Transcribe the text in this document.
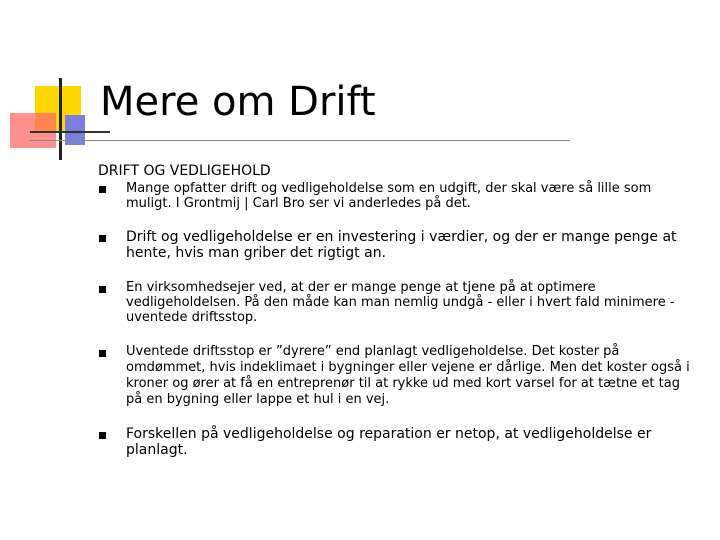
Mere om Drift

DRIFT OG VEDLIGEHOLD

Mange opfatter drift og vedligeholdelse som en udgift, der skal være så lille som muligt. I Grontmij | Carl Bro ser vi anderledes på det.
Drift og vedligeholdelse er en investering i værdier, og der er mange penge at hente, hvis man griber det rigtigt an.
En virksomhedsejer ved, at der er mange penge at tjene på at optimere vedligeholdelsen. På den måde kan man nemlig undgå - eller i hvert fald minimere - uventede driftsstop.
Uventede driftsstop er ”dyrere” end planlagt vedligeholdelse. Det koster på omdømmet, hvis indeklimaet i bygninger eller vejene er dårlige. Men det koster også i kroner og ører at få en entreprenør til at rykke ud med kort varsel for at tætne et tag på en bygning eller lappe et hul i en vej.
Forskellen på vedligeholdelse og reparation er netop, at vedligeholdelse er planlagt.
